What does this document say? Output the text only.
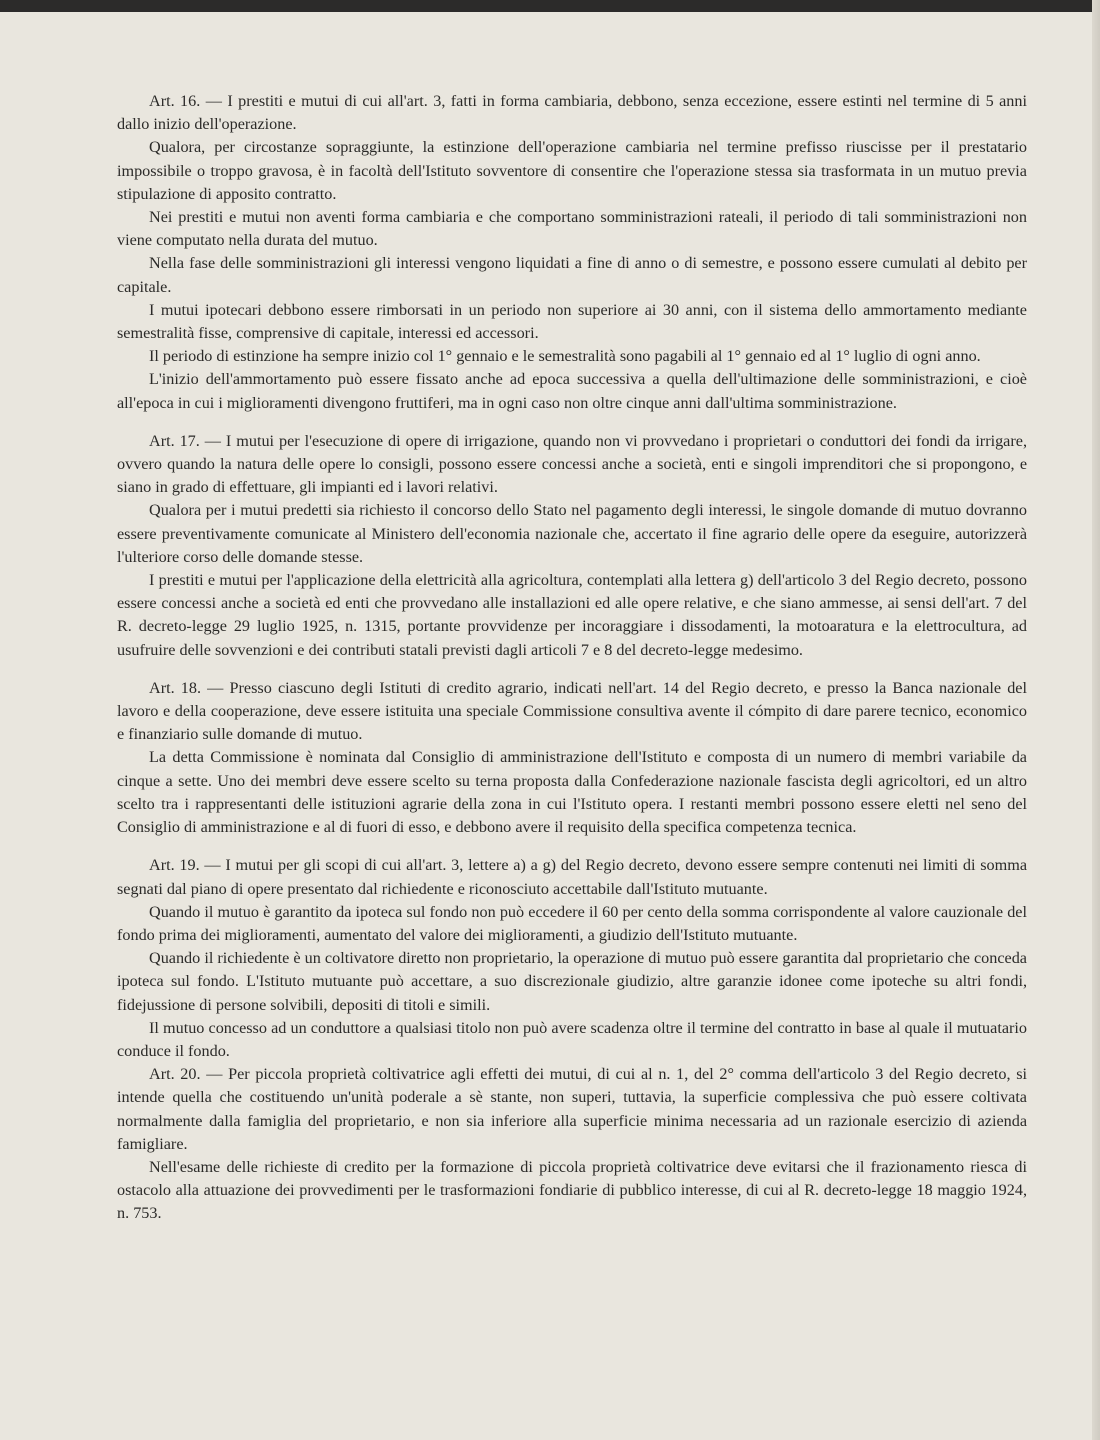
Art. 16. — I prestiti e mutui di cui all'art. 3, fatti in forma cambiaria, debbono, senza eccezione, essere estinti nel termine di 5 anni dallo inizio dell'operazione.

Qualora, per circostanze sopraggiunte, la estinzione dell'operazione cambiaria nel termine prefisso riuscisse per il prestatario impossibile o troppo gravosa, è in facoltà dell'Istituto sovventore di consentire che l'operazione stessa sia trasformata in un mutuo previa stipulazione di apposito contratto.

Nei prestiti e mutui non aventi forma cambiaria e che comportano somministrazioni rateali, il periodo di tali somministrazioni non viene computato nella durata del mutuo.

Nella fase delle somministrazioni gli interessi vengono liquidati a fine di anno o di semestre, e possono essere cumulati al debito per capitale.

I mutui ipotecari debbono essere rimborsati in un periodo non superiore ai 30 anni, con il sistema dello ammortamento mediante semestralità fisse, comprensive di capitale, interessi ed accessori.

Il periodo di estinzione ha sempre inizio col 1° gennaio e le semestralità sono pagabili al 1° gennaio ed al 1° luglio di ogni anno.

L'inizio dell'ammortamento può essere fissato anche ad epoca successiva a quella dell'ultimazione delle somministrazioni, e cioè all'epoca in cui i miglioramenti divengono fruttiferi, ma in ogni caso non oltre cinque anni dall'ultima somministrazione.

Art. 17. — I mutui per l'esecuzione di opere di irrigazione, quando non vi provvedano i proprietari o conduttori dei fondi da irrigare, ovvero quando la natura delle opere lo consigli, possono essere concessi anche a società, enti e singoli imprenditori che si propongono, e siano in grado di effettuare, gli impianti ed i lavori relativi.

Qualora per i mutui predetti sia richiesto il concorso dello Stato nel pagamento degli interessi, le singole domande di mutuo dovranno essere preventivamente comunicate al Ministero dell'economia nazionale che, accertato il fine agrario delle opere da eseguire, autorizzerà l'ulteriore corso delle domande stesse.

I prestiti e mutui per l'applicazione della elettricità alla agricoltura, contemplati alla lettera g) dell'articolo 3 del Regio decreto, possono essere concessi anche a società ed enti che provvedano alle installazioni ed alle opere relative, e che siano ammesse, ai sensi dell'art. 7 del R. decreto-legge 29 luglio 1925, n. 1315, portante provvidenze per incoraggiare i dissodamenti, la motoaratura e la elettrocultura, ad usufruire delle sovvenzioni e dei contributi statali previsti dagli articoli 7 e 8 del decreto-legge medesimo.

Art. 18. — Presso ciascuno degli Istituti di credito agrario, indicati nell'art. 14 del Regio decreto, e presso la Banca nazionale del lavoro e della cooperazione, deve essere istituita una speciale Commissione consultiva avente il cómpito di dare parere tecnico, economico e finanziario sulle domande di mutuo.

La detta Commissione è nominata dal Consiglio di amministrazione dell'Istituto e composta di un numero di membri variabile da cinque a sette. Uno dei membri deve essere scelto su terna proposta dalla Confederazione nazionale fascista degli agricoltori, ed un altro scelto tra i rappresentanti delle istituzioni agrarie della zona in cui l'Istituto opera. I restanti membri possono essere eletti nel seno del Consiglio di amministrazione e al di fuori di esso, e debbono avere il requisito della specifica competenza tecnica.

Art. 19. — I mutui per gli scopi di cui all'art. 3, lettere a) a g) del Regio decreto, devono essere sempre contenuti nei limiti di somma segnati dal piano di opere presentato dal richiedente e riconosciuto accettabile dall'Istituto mutuante.

Quando il mutuo è garantito da ipoteca sul fondo non può eccedere il 60 per cento della somma corrispondente al valore cauzionale del fondo prima dei miglioramenti, aumentato del valore dei miglioramenti, a giudizio dell'Istituto mutuante.

Quando il richiedente è un coltivatore diretto non proprietario, la operazione di mutuo può essere garantita dal proprietario che conceda ipoteca sul fondo. L'Istituto mutuante può accettare, a suo discrezionale giudizio, altre garanzie idonee come ipoteche su altri fondi, fidejussione di persone solvibili, depositi di titoli e simili.

Il mutuo concesso ad un conduttore a qualsiasi titolo non può avere scadenza oltre il termine del contratto in base al quale il mutuatario conduce il fondo.

Art. 20. — Per piccola proprietà coltivatrice agli effetti dei mutui, di cui al n. 1, del 2° comma dell'articolo 3 del Regio decreto, si intende quella che costituendo un'unità poderale a sè stante, non superi, tuttavia, la superficie complessiva che può essere coltivata normalmente dalla famiglia del proprietario, e non sia inferiore alla superficie minima necessaria ad un razionale esercizio di azienda famigliare.

Nell'esame delle richieste di credito per la formazione di piccola proprietà coltivatrice deve evitarsi che il frazionamento riesca di ostacolo alla attuazione dei provvedimenti per le trasformazioni fondiarie di pubblico interesse, di cui al R. decreto-legge 18 maggio 1924, n. 753.
